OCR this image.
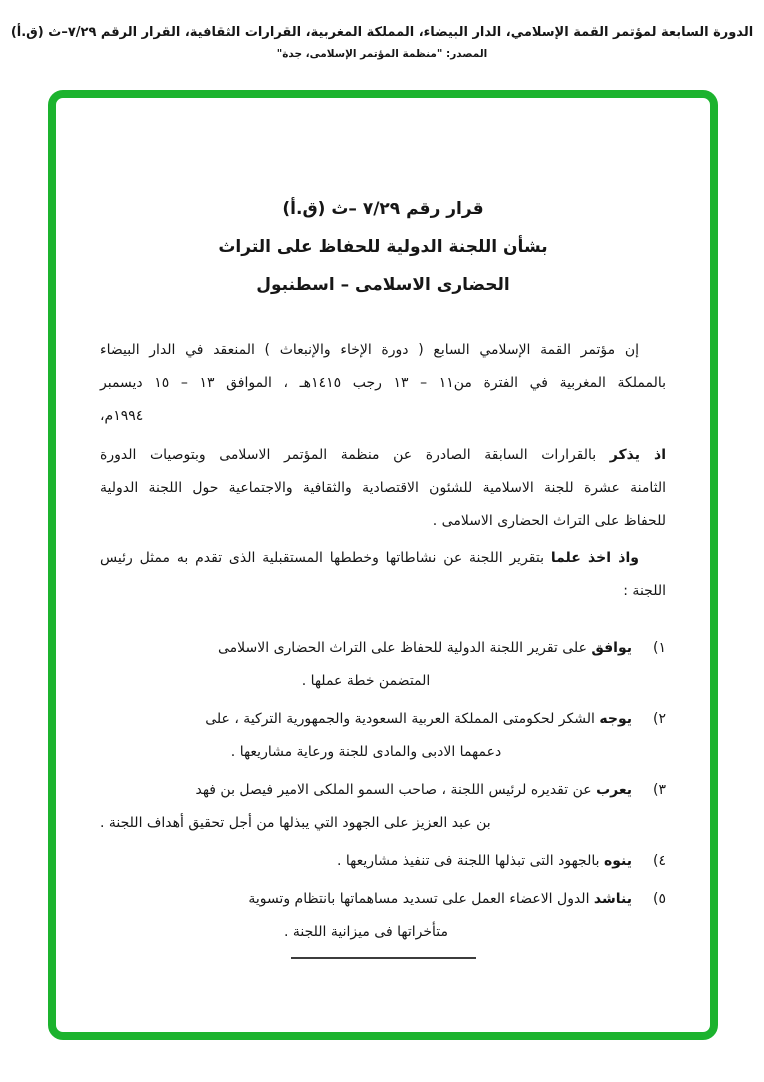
الدورة السابعة لمؤتمر القمة الإسلامي، الدار البيضاء، المملكة المغربية، القرارات الثقافية، القرار الرقم ٧/٢٩–ث (ق.أ)
المصدر: "منظمة المؤتمر الإسلامى، جدة"
قرار رقم ٧/٢٩ –ث (ق.أ)
بشأن اللجنة الدولية للحفاظ على التراث
الحضارى الاسلامى – اسطنبول
إن مؤتمر القمة الإسلامي السابع ( دورة الإخاء والإنبعاث ) المنعقد في الدار البيضاء
بالمملكة المغربية في الفترة من١١ – ١٣ رجب ١٤١٥هـ ، الموافق ١٣ – ١٥ ديسمبر
١٩٩٤م،
اذ يذكر بالقرارات السابقة الصادرة عن منظمة المؤتمر الاسلامى وبتوصيات الدورة
الثامنة عشرة للجنة الاسلامية للشئون الاقتصادية والثقافية والاجتماعية حول اللجنة الدولية
للحفاظ على التراث الحضارى الاسلامى .
واذ اخذ علما بتقرير اللجنة عن نشاطاتها وخططها المستقبلية الذى تقدم به ممثل رئيس
اللجنة :
١)
يوافق على تقرير اللجنة الدولية للحفاظ على التراث الحضارى الاسلامى
المتضمن خطة عملها .
٢)
يوجه الشكر لحكومتى المملكة العربية السعودية والجمهورية التركية ، على
دعمهما الادبى والمادى للجنة ورعاية مشاريعها .
٣)
يعرب عن تقديره لرئيس اللجنة ، صاحب السمو الملكى الامير فيصل بن فهد
بن عبد العزيز على الجهود التي يبذلها من أجل تحقيق أهداف اللجنة .
٤)
ينوه بالجهود التى تبذلها اللجنة فى تنفيذ مشاريعها .
٥)
يناشد الدول الاعضاء العمل على تسديد مساهماتها بانتظام وتسوية
متأخراتها فى ميزانية اللجنة .
